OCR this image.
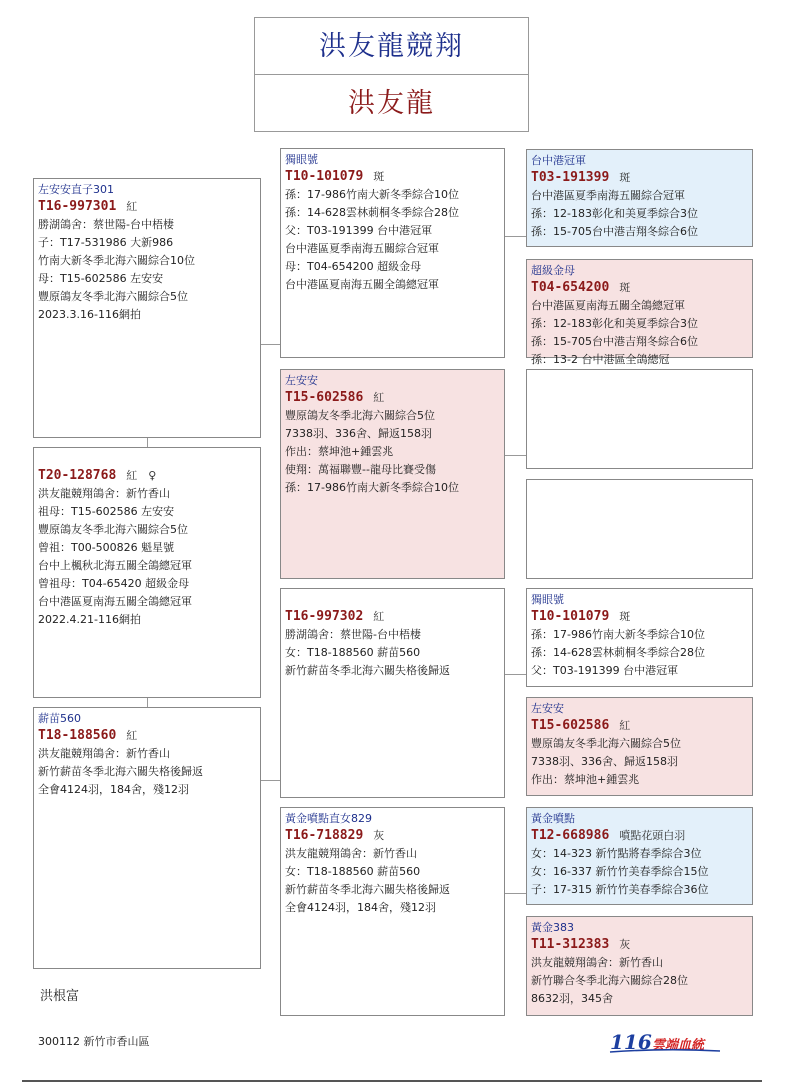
洪友龍競翔
洪友龍
左安安直子301
T16-997301 紅
勝湖鴿舍：蔡世陽-台中梧棲
子：T17-531986 大新986
竹南大新冬季北海六關綜合10位
母：T15-602586 左安安
豐原鴿友冬季北海六關綜合5位
2023.3.16-116網拍
T20-128768 紅　♀
洪友龍競翔鴿舍：新竹香山
祖母：T15-602586 左安安
豐原鴿友冬季北海六關綜合5位
曾祖：T00-500826 魁星號
台中上楓秋北海五關全鴿總冠軍
曾祖母：T04-65420 超級金母
台中港區夏南海五關全鴿總冠軍
2022.4.21-116網拍
薪苗560
T18-188560 紅
洪友龍競翔鴿舍：新竹香山
新竹薪苗冬季北海六關失格後歸返
全會4124羽，184舍，殘12羽
獨眼號
T10-101079 斑
孫：17-986竹南大新冬季綜合10位
孫：14-628雲林莿桐冬季綜合28位
父：T03-191399 台中港冠軍
台中港區夏季南海五關綜合冠軍
母：T04-654200 超級金母
台中港區夏南海五關全鴿總冠軍
左安安
T15-602586 紅
豐原鴿友冬季北海六關綜合5位
7338羽、336舍、歸返158羽
作出：蔡坤池+鍾雲兆
使翔：萬福聯豐--龍母比賽受傷
孫：17-986竹南大新冬季綜合10位
T16-997302 紅
勝湖鴿舍：蔡世陽-台中梧棲
女：T18-188560 薪苗560
新竹薪苗冬季北海六關失格後歸返
黃金噴點直女829
T16-718829 灰
洪友龍競翔鴿舍：新竹香山
女：T18-188560 薪苗560
新竹薪苗冬季北海六關失格後歸返
全會4124羽，184舍，殘12羽
台中港冠軍
T03-191399 斑
台中港區夏季南海五關綜合冠軍
孫：12-183彰化和美夏季綜合3位
孫：15-705台中港吉翔冬綜合6位
超級金母
T04-654200 斑
台中港區夏南海五關全鴿總冠軍
孫：12-183彰化和美夏季綜合3位
孫：15-705台中港吉翔冬綜合6位
孫：13-2 台中港區全鴿總冠
獨眼號
T10-101079 斑
孫：17-986竹南大新冬季綜合10位
孫：14-628雲林莿桐冬季綜合28位
父：T03-191399 台中港冠軍
左安安
T15-602586 紅
豐原鴿友冬季北海六關綜合5位
7338羽、336舍、歸返158羽
作出：蔡坤池+鍾雲兆
黃金噴點
T12-668986 噴點花頭白羽
女：14-323 新竹點將春季綜合3位
女：16-337 新竹竹美春季綜合15位
子：17-315 新竹竹美春季綜合36位
黃金383
T11-312383 灰
洪友龍競翔鴿舍：新竹香山
新竹聯合冬季北海六關綜合28位
8632羽，345舍
洪根富
300112 新竹市香山區	116 雲端血統
